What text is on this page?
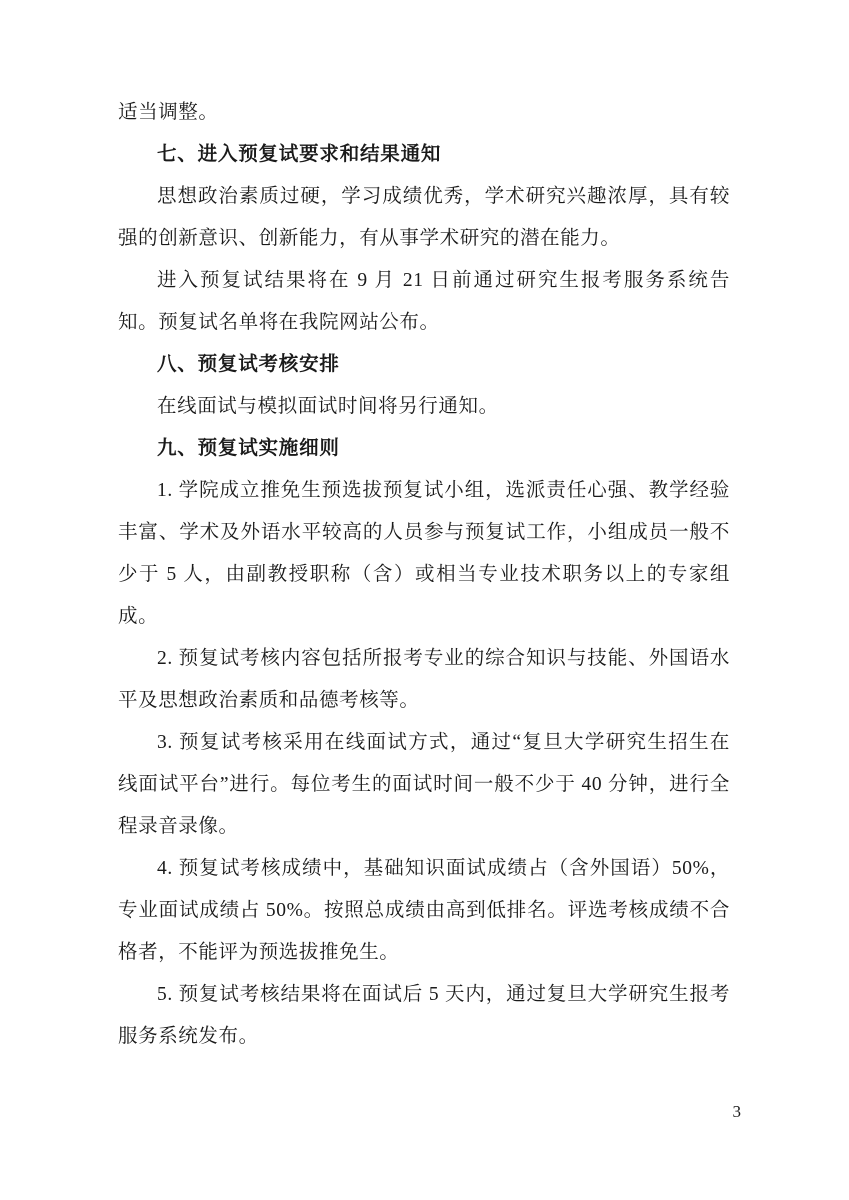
适当调整。

七、进入预复试要求和结果通知

思想政治素质过硬，学习成绩优秀，学术研究兴趣浓厚，具有较强的创新意识、创新能力，有从事学术研究的潜在能力。

进入预复试结果将在 9 月 21 日前通过研究生报考服务系统告知。预复试名单将在我院网站公布。

八、预复试考核安排

在线面试与模拟面试时间将另行通知。

九、预复试实施细则

1. 学院成立推免生预选拔预复试小组，选派责任心强、教学经验丰富、学术及外语水平较高的人员参与预复试工作，小组成员一般不少于 5 人，由副教授职称（含）或相当专业技术职务以上的专家组成。

2. 预复试考核内容包括所报考专业的综合知识与技能、外国语水平及思想政治素质和品德考核等。

3. 预复试考核采用在线面试方式，通过“复旦大学研究生招生在线面试平台”进行。每位考生的面试时间一般不少于 40 分钟，进行全程录音录像。

4. 预复试考核成绩中，基础知识面试成绩占（含外国语）50%，专业面试成绩占 50%。按照总成绩由高到低排名。评选考核成绩不合格者，不能评为预选拔推免生。

5. 预复试考核结果将在面试后 5 天内，通过复旦大学研究生报考服务系统发布。

3
